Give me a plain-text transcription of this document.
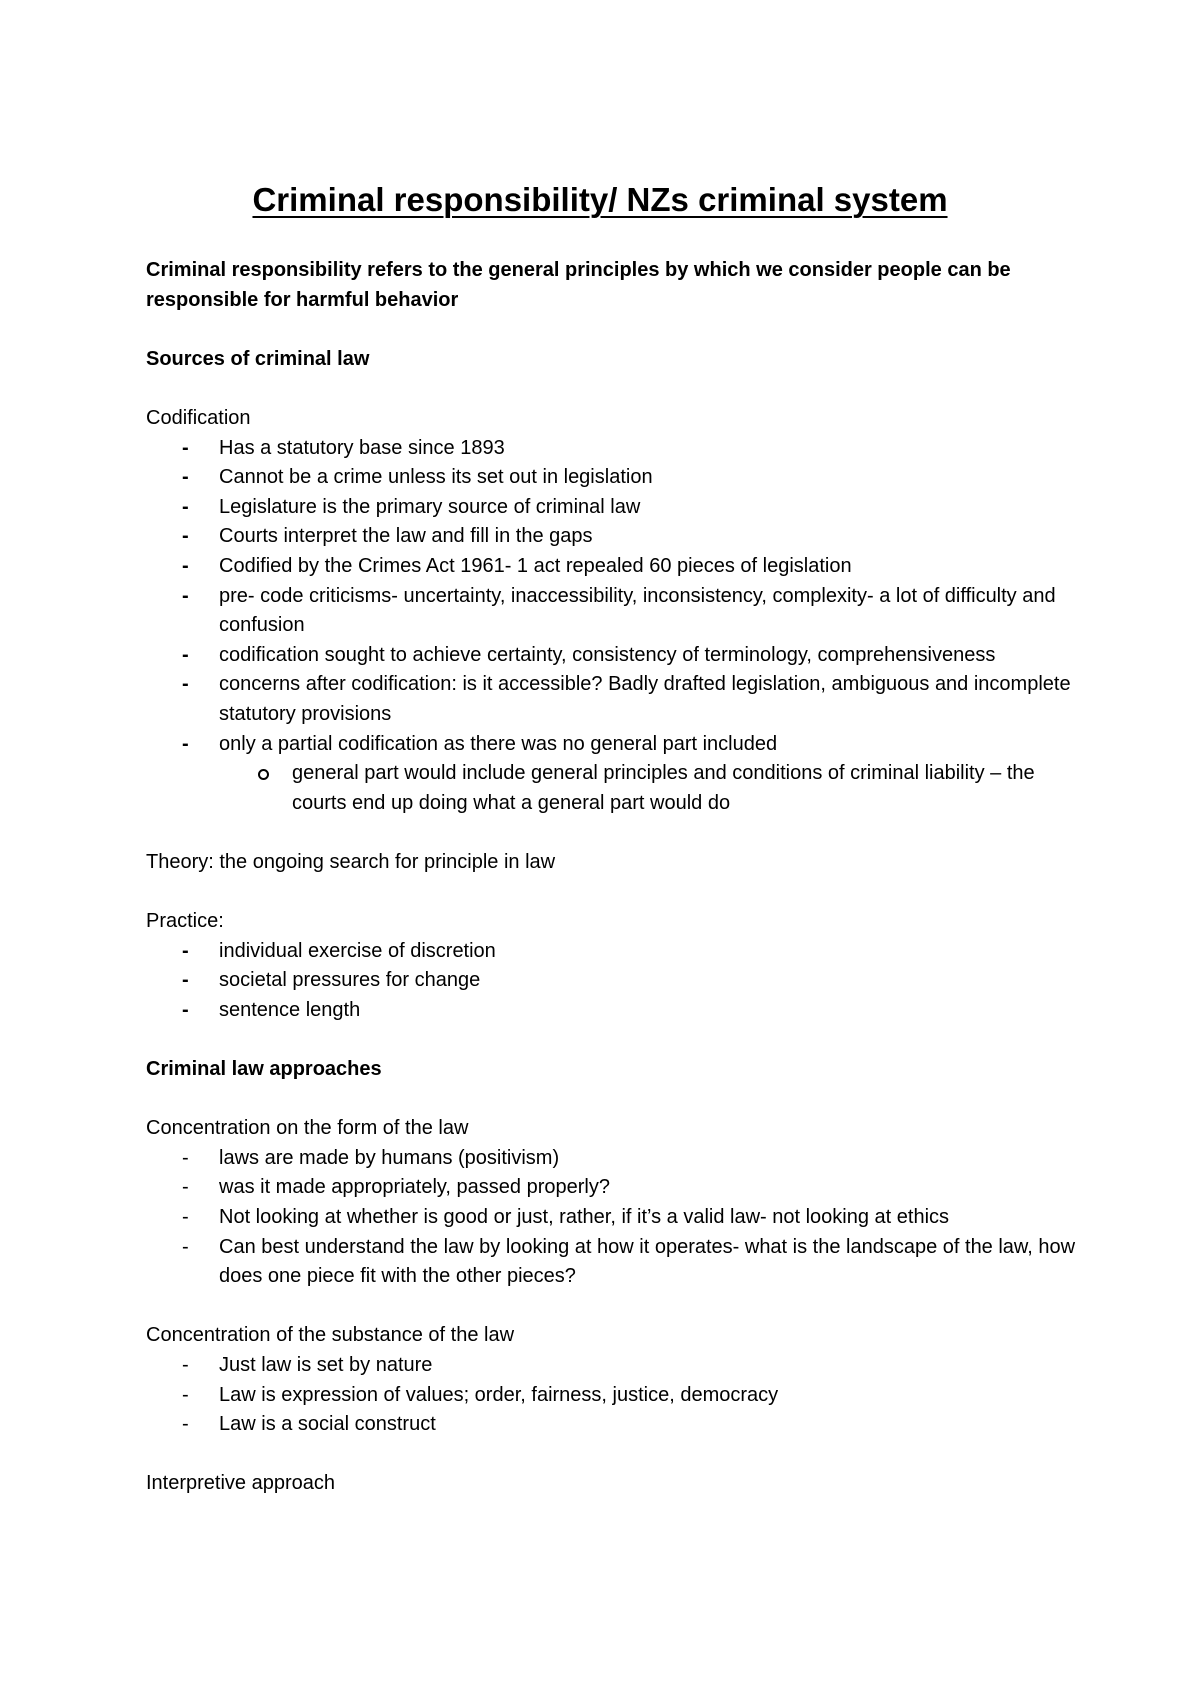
Criminal responsibility/ NZs criminal system

Criminal responsibility refers to the general principles by which we consider people can be responsible for harmful behavior

Sources of criminal law

Codification

- Has a statutory base since 1893
- Cannot be a crime unless its set out in legislation
- Legislature is the primary source of criminal law
- Courts interpret the law and fill in the gaps
- Codified by the Crimes Act 1961- 1 act repealed 60 pieces of legislation
- pre- code criticisms- uncertainty, inaccessibility, inconsistency, complexity- a lot of difficulty and confusion
- codification sought to achieve certainty, consistency of terminology, comprehensiveness
- concerns after codification: is it accessible? Badly drafted legislation, ambiguous and incomplete statutory provisions
- only a partial codification as there was no general part included
general part would include general principles and conditions of criminal liability – the courts end up doing what a general part would do

Theory: the ongoing search for principle in law

Practice:

- individual exercise of discretion
- societal pressures for change
- sentence length

Criminal law approaches

Concentration on the form of the law

- laws are made by humans (positivism)
- was it made appropriately, passed properly?
- Not looking at whether is good or just, rather, if it’s a valid law- not looking at ethics
- Can best understand the law by looking at how it operates- what is the landscape of the law, how does one piece fit with the other pieces?

Concentration of the substance of the law

- Just law is set by nature
- Law is expression of values; order, fairness, justice, democracy
- Law is a social construct

Interpretive approach
